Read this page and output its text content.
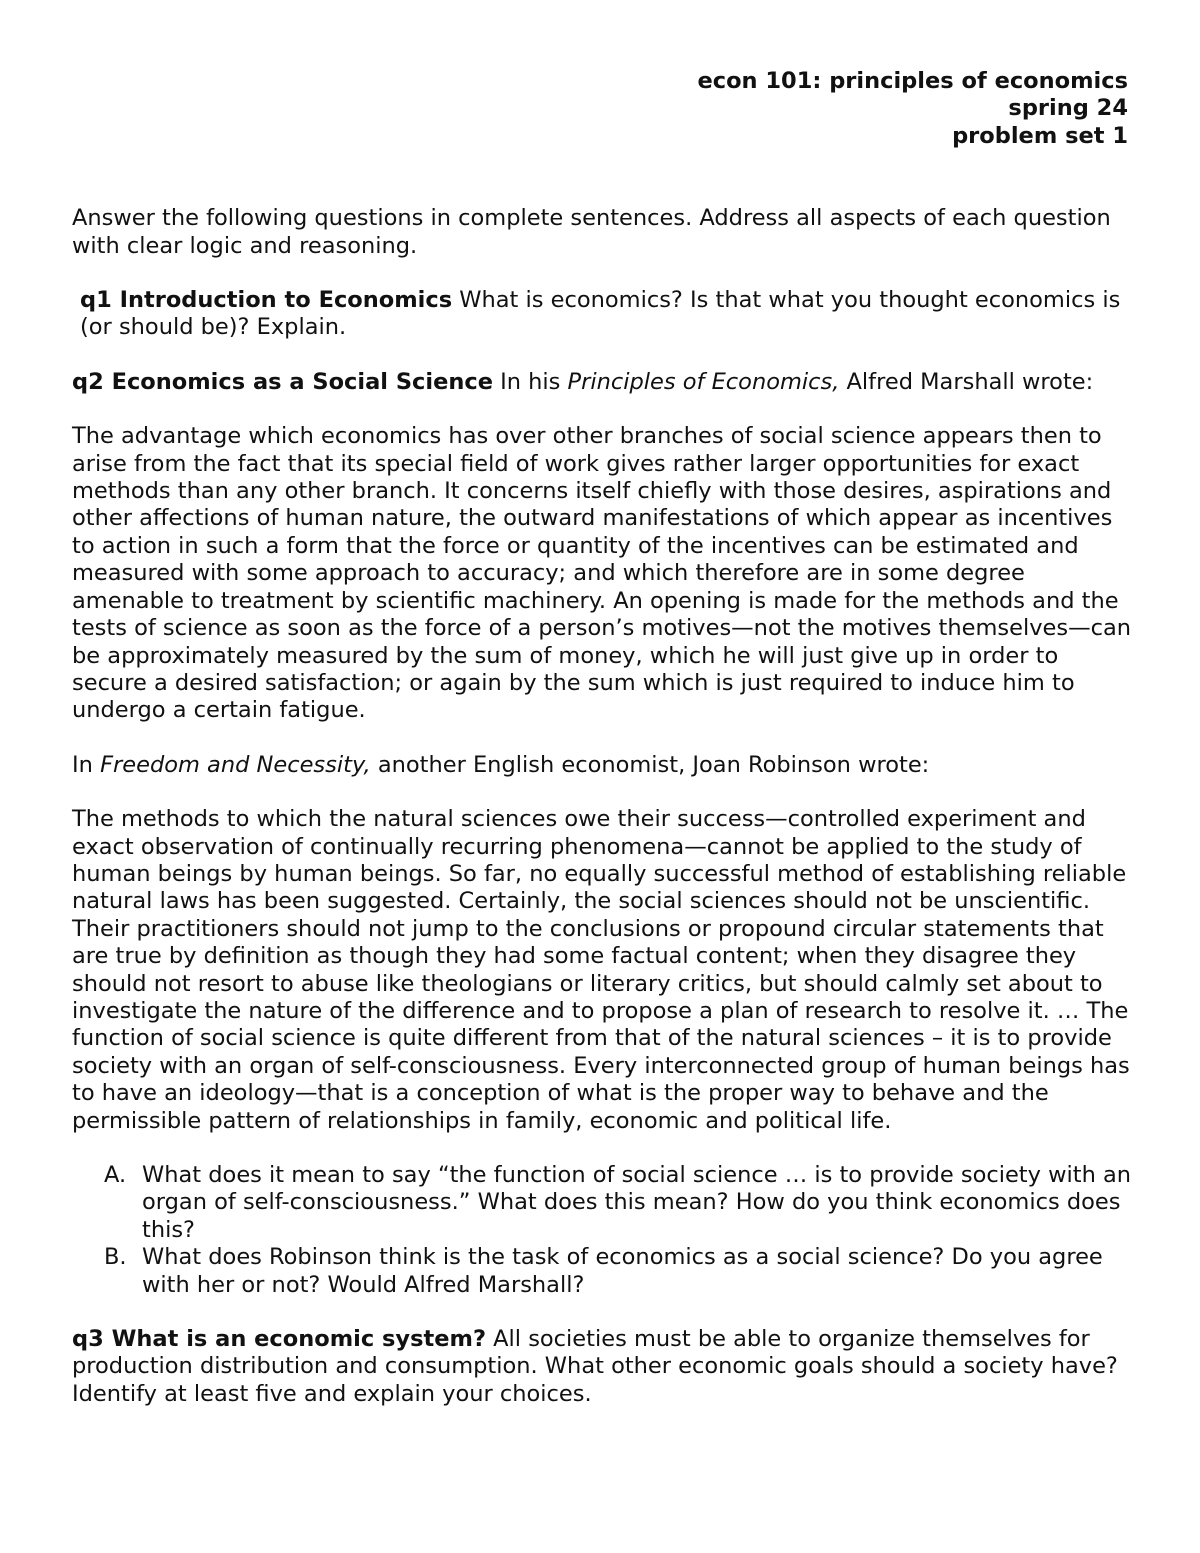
econ 101: principles of economics
spring 24
problem set 1

Answer the following questions in complete sentences. Address all aspects of each question with clear logic and reasoning.

q1 Introduction to Economics What is economics? Is that what you thought economics is (or should be)? Explain.

q2 Economics as a Social Science In his Principles of Economics, Alfred Marshall wrote:

The advantage which economics has over other branches of social science appears then to arise from the fact that its special field of work gives rather larger opportunities for exact methods than any other branch. It concerns itself chiefly with those desires, aspirations and other affections of human nature, the outward manifestations of which appear as incentives to action in such a form that the force or quantity of the incentives can be estimated and measured with some approach to accuracy; and which therefore are in some degree amenable to treatment by scientific machinery. An opening is made for the methods and the tests of science as soon as the force of a person’s motives—not the motives themselves—can be approximately measured by the sum of money, which he will just give up in order to secure a desired satisfaction; or again by the sum which is just required to induce him to undergo a certain fatigue.

In Freedom and Necessity, another English economist, Joan Robinson wrote:

The methods to which the natural sciences owe their success—controlled experiment and exact observation of continually recurring phenomena—cannot be applied to the study of human beings by human beings. So far, no equally successful method of establishing reliable natural laws has been suggested. Certainly, the social sciences should not be unscientific. Their practitioners should not jump to the conclusions or propound circular statements that are true by definition as though they had some factual content; when they disagree they should not resort to abuse like theologians or literary critics, but should calmly set about to investigate the nature of the difference and to propose a plan of research to resolve it. … The function of social science is quite different from that of the natural sciences – it is to provide society with an organ of self-consciousness. Every interconnected group of human beings has to have an ideology—that is a conception of what is the proper way to behave and the permissible pattern of relationships in family, economic and political life.

A. What does it mean to say “the function of social science … is to provide society with an organ of self-consciousness.” What does this mean? How do you think economics does this?
B. What does Robinson think is the task of economics as a social science? Do you agree with her or not? Would Alfred Marshall?

q3 What is an economic system? All societies must be able to organize themselves for production distribution and consumption. What other economic goals should a society have? Identify at least five and explain your choices.
